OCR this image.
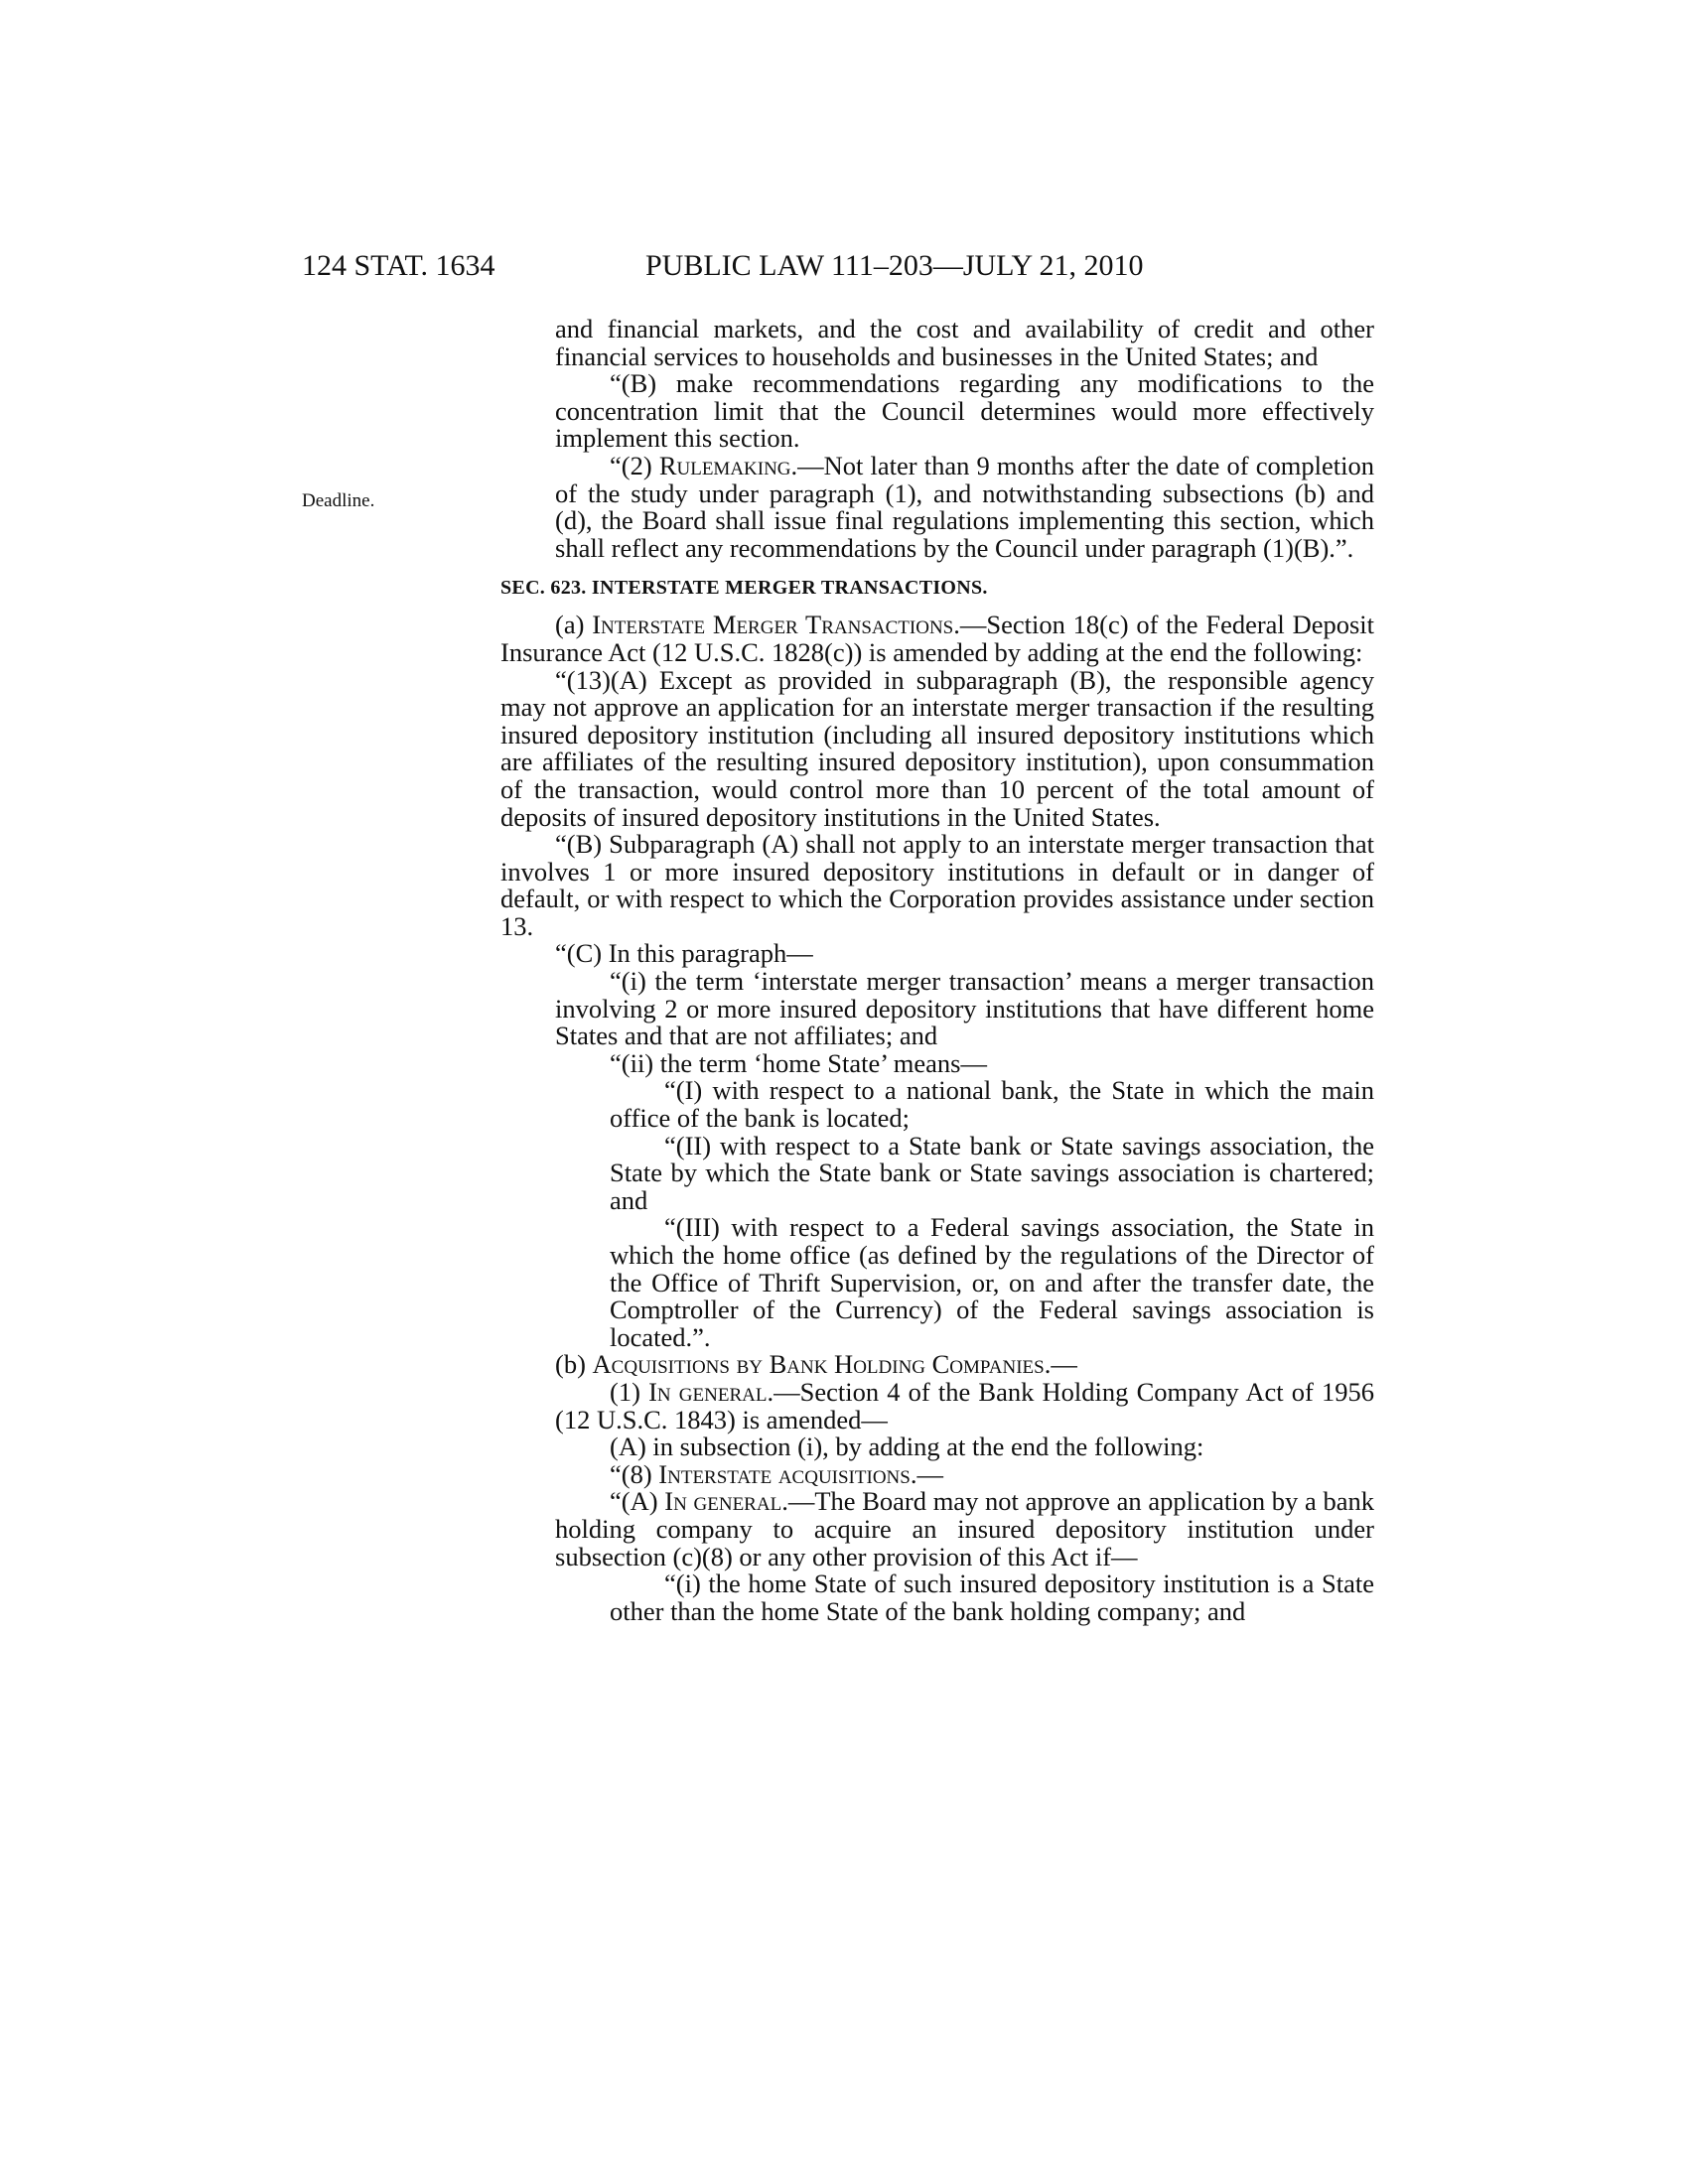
124 STAT. 1634	PUBLIC LAW 111–203—JULY 21, 2010
Deadline.

and financial markets, and the cost and availability of credit and other financial services to households and businesses in the United States; and

“(B) make recommendations regarding any modifications to the concentration limit that the Council determines would more effectively implement this section.

“(2) Rulemaking.—Not later than 9 months after the date of completion of the study under paragraph (1), and notwithstanding subsections (b) and (d), the Board shall issue final regulations implementing this section, which shall reflect any recommendations by the Council under paragraph (1)(B).”.

SEC. 623. INTERSTATE MERGER TRANSACTIONS.

(a) Interstate Merger Transactions.—Section 18(c) of the Federal Deposit Insurance Act (12 U.S.C. 1828(c)) is amended by adding at the end the following:

“(13)(A) Except as provided in subparagraph (B), the responsible agency may not approve an application for an interstate merger transaction if the resulting insured depository institution (including all insured depository institutions which are affiliates of the resulting insured depository institution), upon consummation of the transaction, would control more than 10 percent of the total amount of deposits of insured depository institutions in the United States.

“(B) Subparagraph (A) shall not apply to an interstate merger transaction that involves 1 or more insured depository institutions in default or in danger of default, or with respect to which the Corporation provides assistance under section 13.

“(C) In this paragraph—

“(i) the term ‘interstate merger transaction’ means a merger transaction involving 2 or more insured depository institutions that have different home States and that are not affiliates; and

“(ii) the term ‘home State’ means—

“(I) with respect to a national bank, the State in which the main office of the bank is located;

“(II) with respect to a State bank or State savings association, the State by which the State bank or State savings association is chartered; and

“(III) with respect to a Federal savings association, the State in which the home office (as defined by the regulations of the Director of the Office of Thrift Supervision, or, on and after the transfer date, the Comptroller of the Currency) of the Federal savings association is located.”.

(b) Acquisitions by Bank Holding Companies.—

(1) In general.—Section 4 of the Bank Holding Company Act of 1956 (12 U.S.C. 1843) is amended—

(A) in subsection (i), by adding at the end the following:

“(8) Interstate acquisitions.—

“(A) In general.—The Board may not approve an application by a bank holding company to acquire an insured depository institution under subsection (c)(8) or any other provision of this Act if—

“(i) the home State of such insured depository institution is a State other than the home State of the bank holding company; and
